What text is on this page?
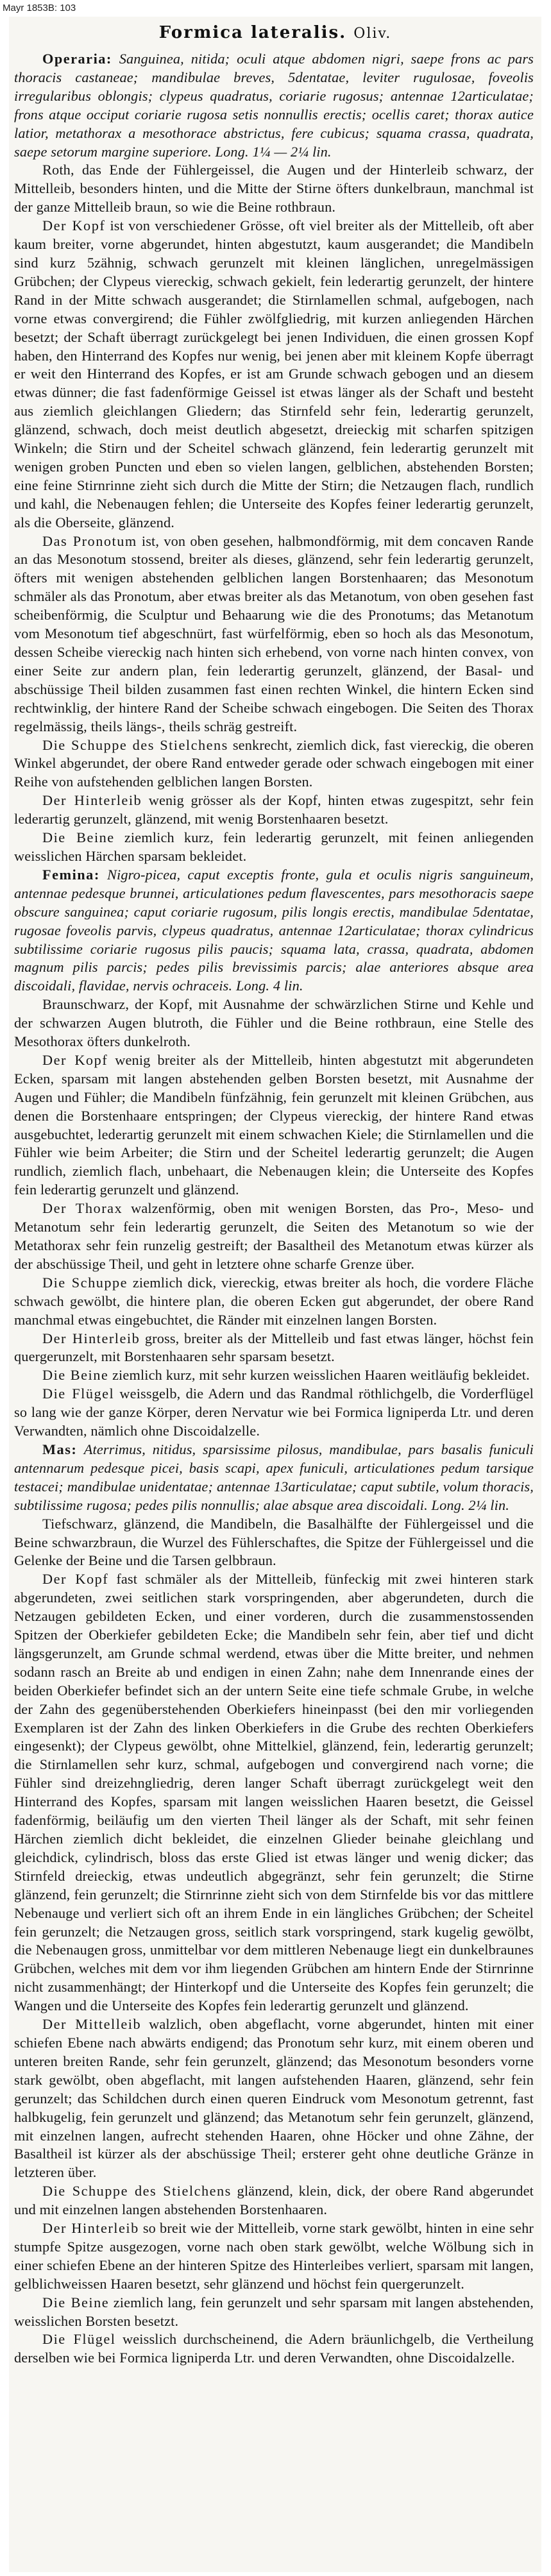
Mayr 1853B: 103
Formica lateralis. Oliv.

Operaria: Sanguinea, nitida; oculi atque abdomen nigri, saepe frons ac pars thoracis castaneae; mandibulae breves, 5dentatae, leviter rugulosae, foveolis irregularibus oblongis; clypeus quadratus, coriarie rugosus; antennae 12articulatae; frons atque occiput coriarie rugosa setis nonnullis erectis; ocellis caret; thorax autice latior, metathorax a mesothorace abstrictus, fere cubicus; squama crassa, quadrata, saepe setorum margine superiore. Long. 1¼ — 2¼ lin.

Roth, das Ende der Fühlergeissel, die Augen und der Hinterleib schwarz, der Mittelleib, besonders hinten, und die Mitte der Stirne öfters dunkelbraun, manchmal ist der ganze Mittelleib braun, so wie die Beine rothbraun.

Der Kopf ist von verschiedener Grösse, oft viel breiter als der Mittelleib, oft aber kaum breiter, vorne abgerundet, hinten abgestutzt, kaum ausgerandet; die Mandibeln sind kurz 5zähnig, schwach gerunzelt mit kleinen länglichen, unregelmässigen Grübchen; der Clypeus viereckig, schwach gekielt, fein lederartig gerunzelt, der hintere Rand in der Mitte schwach ausgerandet; die Stirnlamellen schmal, aufgebogen, nach vorne etwas convergirend; die Fühler zwölfgliedrig, mit kurzen anliegenden Härchen besetzt; der Schaft überragt zurückgelegt bei jenen Individuen, die einen grossen Kopf haben, den Hinterrand des Kopfes nur wenig, bei jenen aber mit kleinem Kopfe überragt er weit den Hinterrand des Kopfes, er ist am Grunde schwach gebogen und an diesem etwas dünner; die fast fadenförmige Geissel ist etwas länger als der Schaft und besteht aus ziemlich gleichlangen Gliedern; das Stirnfeld sehr fein, lederartig gerunzelt, glänzend, schwach, doch meist deutlich abgesetzt, dreieckig mit scharfen spitzigen Winkeln; die Stirn und der Scheitel schwach glänzend, fein lederartig gerunzelt mit wenigen groben Puncten und eben so vielen langen, gelblichen, abstehenden Borsten; eine feine Stirnrinne zieht sich durch die Mitte der Stirn; die Netzaugen flach, rundlich und kahl, die Nebenaugen fehlen; die Unterseite des Kopfes feiner lederartig gerunzelt, als die Oberseite, glänzend.

Das Pronotum ist, von oben gesehen, halbmondförmig, mit dem concaven Rande an das Mesonotum stossend, breiter als dieses, glänzend, sehr fein lederartig gerunzelt, öfters mit wenigen abstehenden gelblichen langen Borstenhaaren; das Mesonotum schmäler als das Pronotum, aber etwas breiter als das Metanotum, von oben gesehen fast scheibenförmig, die Sculptur und Behaarung wie die des Pronotums; das Metanotum vom Mesonotum tief abgeschnürt, fast würfelförmig, eben so hoch als das Mesonotum, dessen Scheibe viereckig nach hinten sich erhebend, von vorne nach hinten convex, von einer Seite zur andern plan, fein lederartig gerunzelt, glänzend, der Basal- und abschüssige Theil bilden zusammen fast einen rechten Winkel, die hintern Ecken sind rechtwinklig, der hintere Rand der Scheibe schwach eingebogen. Die Seiten des Thorax regelmässig, theils längs-, theils schräg gestreift.

Die Schuppe des Stielchens senkrecht, ziemlich dick, fast viereckig, die oberen Winkel abgerundet, der obere Rand entweder gerade oder schwach eingebogen mit einer Reihe von aufstehenden gelblichen langen Borsten.

Der Hinterleib wenig grösser als der Kopf, hinten etwas zugespitzt, sehr fein lederartig gerunzelt, glänzend, mit wenig Borstenhaaren besetzt.

Die Beine ziemlich kurz, fein lederartig gerunzelt, mit feinen anliegenden weisslichen Härchen sparsam bekleidet.

Femina: Nigro-picea, caput exceptis fronte, gula et oculis nigris sanguineum, antennae pedesque brunnei, articulationes pedum flavescentes, pars mesothoracis saepe obscure sanguinea; caput coriarie rugosum, pilis longis erectis, mandibulae 5dentatae, rugosae foveolis parvis, clypeus quadratus, antennae 12articulatae; thorax cylindricus subtilissime coriarie rugosus pilis paucis; squama lata, crassa, quadrata, abdomen magnum pilis parcis; pedes pilis brevissimis parcis; alae anteriores absque area discoidali, flavidae, nervis ochraceis. Long. 4 lin.

Braunschwarz, der Kopf, mit Ausnahme der schwärzlichen Stirne und Kehle und der schwarzen Augen blutroth, die Fühler und die Beine rothbraun, eine Stelle des Mesothorax öfters dunkelroth.

Der Kopf wenig breiter als der Mittelleib, hinten abgestutzt mit abgerundeten Ecken, sparsam mit langen abstehenden gelben Borsten besetzt, mit Ausnahme der Augen und Fühler; die Mandibeln fünfzähnig, fein gerunzelt mit kleinen Grübchen, aus denen die Borstenhaare entspringen; der Clypeus viereckig, der hintere Rand etwas ausgebuchtet, lederartig gerunzelt mit einem schwachen Kiele; die Stirnlamellen und die Fühler wie beim Arbeiter; die Stirn und der Scheitel lederartig gerunzelt; die Augen rundlich, ziemlich flach, unbehaart, die Nebenaugen klein; die Unterseite des Kopfes fein lederartig gerunzelt und glänzend.

Der Thorax walzenförmig, oben mit wenigen Borsten, das Pro-, Meso- und Metanotum sehr fein lederartig gerunzelt, die Seiten des Metanotum so wie der Metathorax sehr fein runzelig gestreift; der Basaltheil des Metanotum etwas kürzer als der abschüssige Theil, und geht in letztere ohne scharfe Grenze über.

Die Schuppe ziemlich dick, viereckig, etwas breiter als hoch, die vordere Fläche schwach gewölbt, die hintere plan, die oberen Ecken gut abgerundet, der obere Rand manchmal etwas eingebuchtet, die Ränder mit einzelnen langen Borsten.

Der Hinterleib gross, breiter als der Mittelleib und fast etwas länger, höchst fein quergerunzelt, mit Borstenhaaren sehr sparsam besetzt.

Die Beine ziemlich kurz, mit sehr kurzen weisslichen Haaren weitläufig bekleidet.

Die Flügel weissgelb, die Adern und das Randmal röthlichgelb, die Vorderflügel so lang wie der ganze Körper, deren Nervatur wie bei Formica ligniperda Ltr. und deren Verwandten, nämlich ohne Discoidalzelle.

Mas: Aterrimus, nitidus, sparsissime pilosus, mandibulae, pars basalis funiculi antennarum pedesque picei, basis scapi, apex funiculi, articulationes pedum tarsique testacei; mandibulae unidentatae; antennae 13articulatae; caput subtile, volum thoracis, subtilissime rugosa; pedes pilis nonnullis; alae absque area discoidali. Long. 2¼ lin.

Tiefschwarz, glänzend, die Mandibeln, die Basalhälfte der Fühlergeissel und die Beine schwarzbraun, die Wurzel des Fühlerschaftes, die Spitze der Fühlergeissel und die Gelenke der Beine und die Tarsen gelbbraun.

Der Kopf fast schmäler als der Mittelleib, fünfeckig mit zwei hinteren stark abgerundeten, zwei seitlichen stark vorspringenden, aber abgerundeten, durch die Netzaugen gebildeten Ecken, und einer vorderen, durch die zusammenstossenden Spitzen der Oberkiefer gebildeten Ecke; die Mandibeln sehr fein, aber tief und dicht längsgerunzelt, am Grunde schmal werdend, etwas über die Mitte breiter, und nehmen sodann rasch an Breite ab und endigen in einen Zahn; nahe dem Innenrande eines der beiden Oberkiefer befindet sich an der untern Seite eine tiefe schmale Grube, in welche der Zahn des gegenüberstehenden Oberkiefers hineinpasst (bei den mir vorliegenden Exemplaren ist der Zahn des linken Oberkiefers in die Grube des rechten Oberkiefers eingesenkt); der Clypeus gewölbt, ohne Mittelkiel, glänzend, fein, lederartig gerunzelt; die Stirnlamellen sehr kurz, schmal, aufgebogen und convergirend nach vorne; die Fühler sind dreizehngliedrig, deren langer Schaft überragt zurückgelegt weit den Hinterrand des Kopfes, sparsam mit langen weisslichen Haaren besetzt, die Geissel fadenförmig, beiläufig um den vierten Theil länger als der Schaft, mit sehr feinen Härchen ziemlich dicht bekleidet, die einzelnen Glieder beinahe gleichlang und gleichdick, cylindrisch, bloss das erste Glied ist etwas länger und wenig dicker; das Stirnfeld dreieckig, etwas undeutlich abgegränzt, sehr fein gerunzelt; die Stirne glänzend, fein gerunzelt; die Stirnrinne zieht sich von dem Stirnfelde bis vor das mittlere Nebenauge und verliert sich oft an ihrem Ende in ein längliches Grübchen; der Scheitel fein gerunzelt; die Netzaugen gross, seitlich stark vorspringend, stark kugelig gewölbt, die Nebenaugen gross, unmittelbar vor dem mittleren Nebenauge liegt ein dunkelbraunes Grübchen, welches mit dem vor ihm liegenden Grübchen am hintern Ende der Stirnrinne nicht zusammenhängt; der Hinterkopf und die Unterseite des Kopfes fein gerunzelt; die Wangen und die Unterseite des Kopfes fein lederartig gerunzelt und glänzend.

Der Mittelleib walzlich, oben abgeflacht, vorne abgerundet, hinten mit einer schiefen Ebene nach abwärts endigend; das Pronotum sehr kurz, mit einem oberen und unteren breiten Rande, sehr fein gerunzelt, glänzend; das Mesonotum besonders vorne stark gewölbt, oben abgeflacht, mit langen aufstehenden Haaren, glänzend, sehr fein gerunzelt; das Schildchen durch einen queren Eindruck vom Mesonotum getrennt, fast halbkugelig, fein gerunzelt und glänzend; das Metanotum sehr fein gerunzelt, glänzend, mit einzelnen langen, aufrecht stehenden Haaren, ohne Höcker und ohne Zähne, der Basaltheil ist kürzer als der abschüssige Theil; ersterer geht ohne deutliche Gränze in letzteren über.

Die Schuppe des Stielchens glänzend, klein, dick, der obere Rand abgerundet und mit einzelnen langen abstehenden Borstenhaaren.

Der Hinterleib so breit wie der Mittelleib, vorne stark gewölbt, hinten in eine sehr stumpfe Spitze ausgezogen, vorne nach oben stark gewölbt, welche Wölbung sich in einer schiefen Ebene an der hinteren Spitze des Hinterleibes verliert, sparsam mit langen, gelblichweissen Haaren besetzt, sehr glänzend und höchst fein quergerunzelt.

Die Beine ziemlich lang, fein gerunzelt und sehr sparsam mit langen abstehenden, weisslichen Borsten besetzt.

Die Flügel weisslich durchscheinend, die Adern bräunlichgelb, die Vertheilung derselben wie bei Formica ligniperda Ltr. und deren Verwandten, ohne Discoidalzelle.
